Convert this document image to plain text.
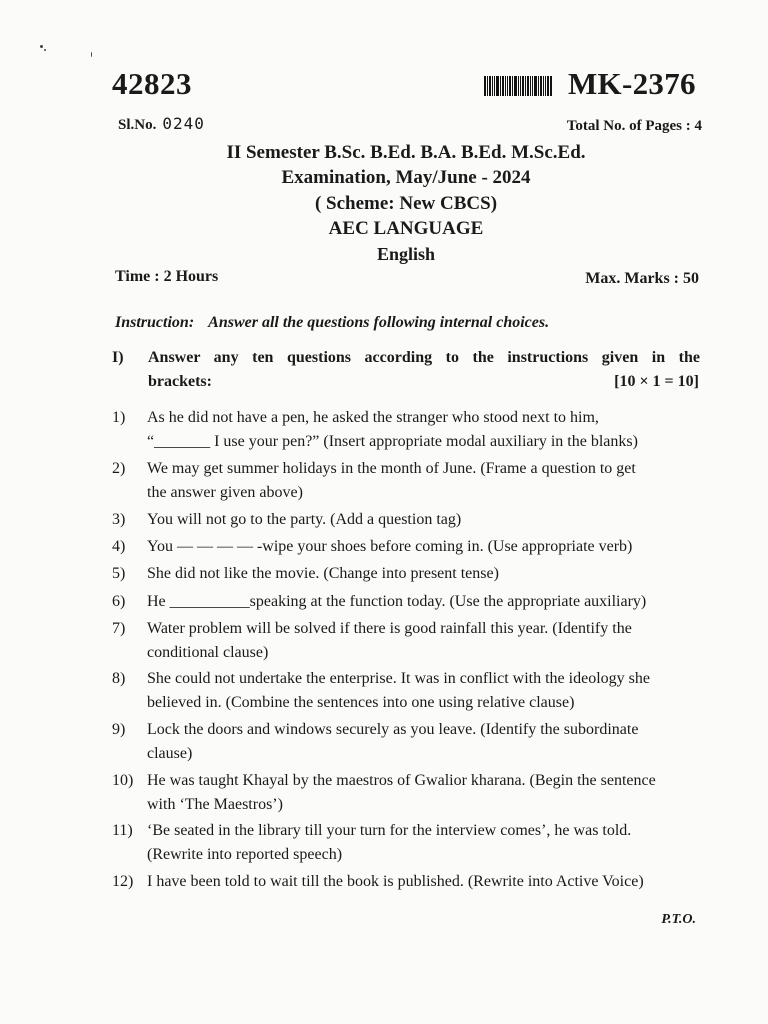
42823	MK-2376
Sl.No. 0240	Total No. of Pages : 4
II Semester B.Sc. B.Ed. B.A. B.Ed. M.Sc.Ed.
Examination, May/June - 2024
( Scheme: New CBCS)
AEC LANGUAGE
English
Time : 2 Hours	Max. Marks : 50
Instruction: Answer all the questions following internal choices.
I) Answer any ten questions according to the instructions given in the
brackets:	[10 × 1 = 10]
1)	As he did not have a pen, he asked the stranger who stood next to him,
“_______ I use your pen?” (Insert appropriate modal auxiliary in the blanks)
2)	We may get summer holidays in the month of June. (Frame a question to get
the answer given above)
3)	You will not go to the party. (Add a question tag)
4)	You — — — — -wipe your shoes before coming in. (Use appropriate verb)
5)	She did not like the movie. (Change into present tense)
6)	He __________speaking at the function today. (Use the appropriate auxiliary)
7)	Water problem will be solved if there is good rainfall this year. (Identify the
conditional clause)
8)	She could not undertake the enterprise. It was in conflict with the ideology she
believed in. (Combine the sentences into one using relative clause)
9)	Lock the doors and windows securely as you leave. (Identify the subordinate
clause)
10) He was taught Khayal by the maestros of Gwalior kharana. (Begin the sentence
with ‘The Maestros’)
11) ‘Be seated in the library till your turn for the interview comes’, he was told.
(Rewrite into reported speech)
12) I have been told to wait till the book is published. (Rewrite into Active Voice)
P.T.O.
